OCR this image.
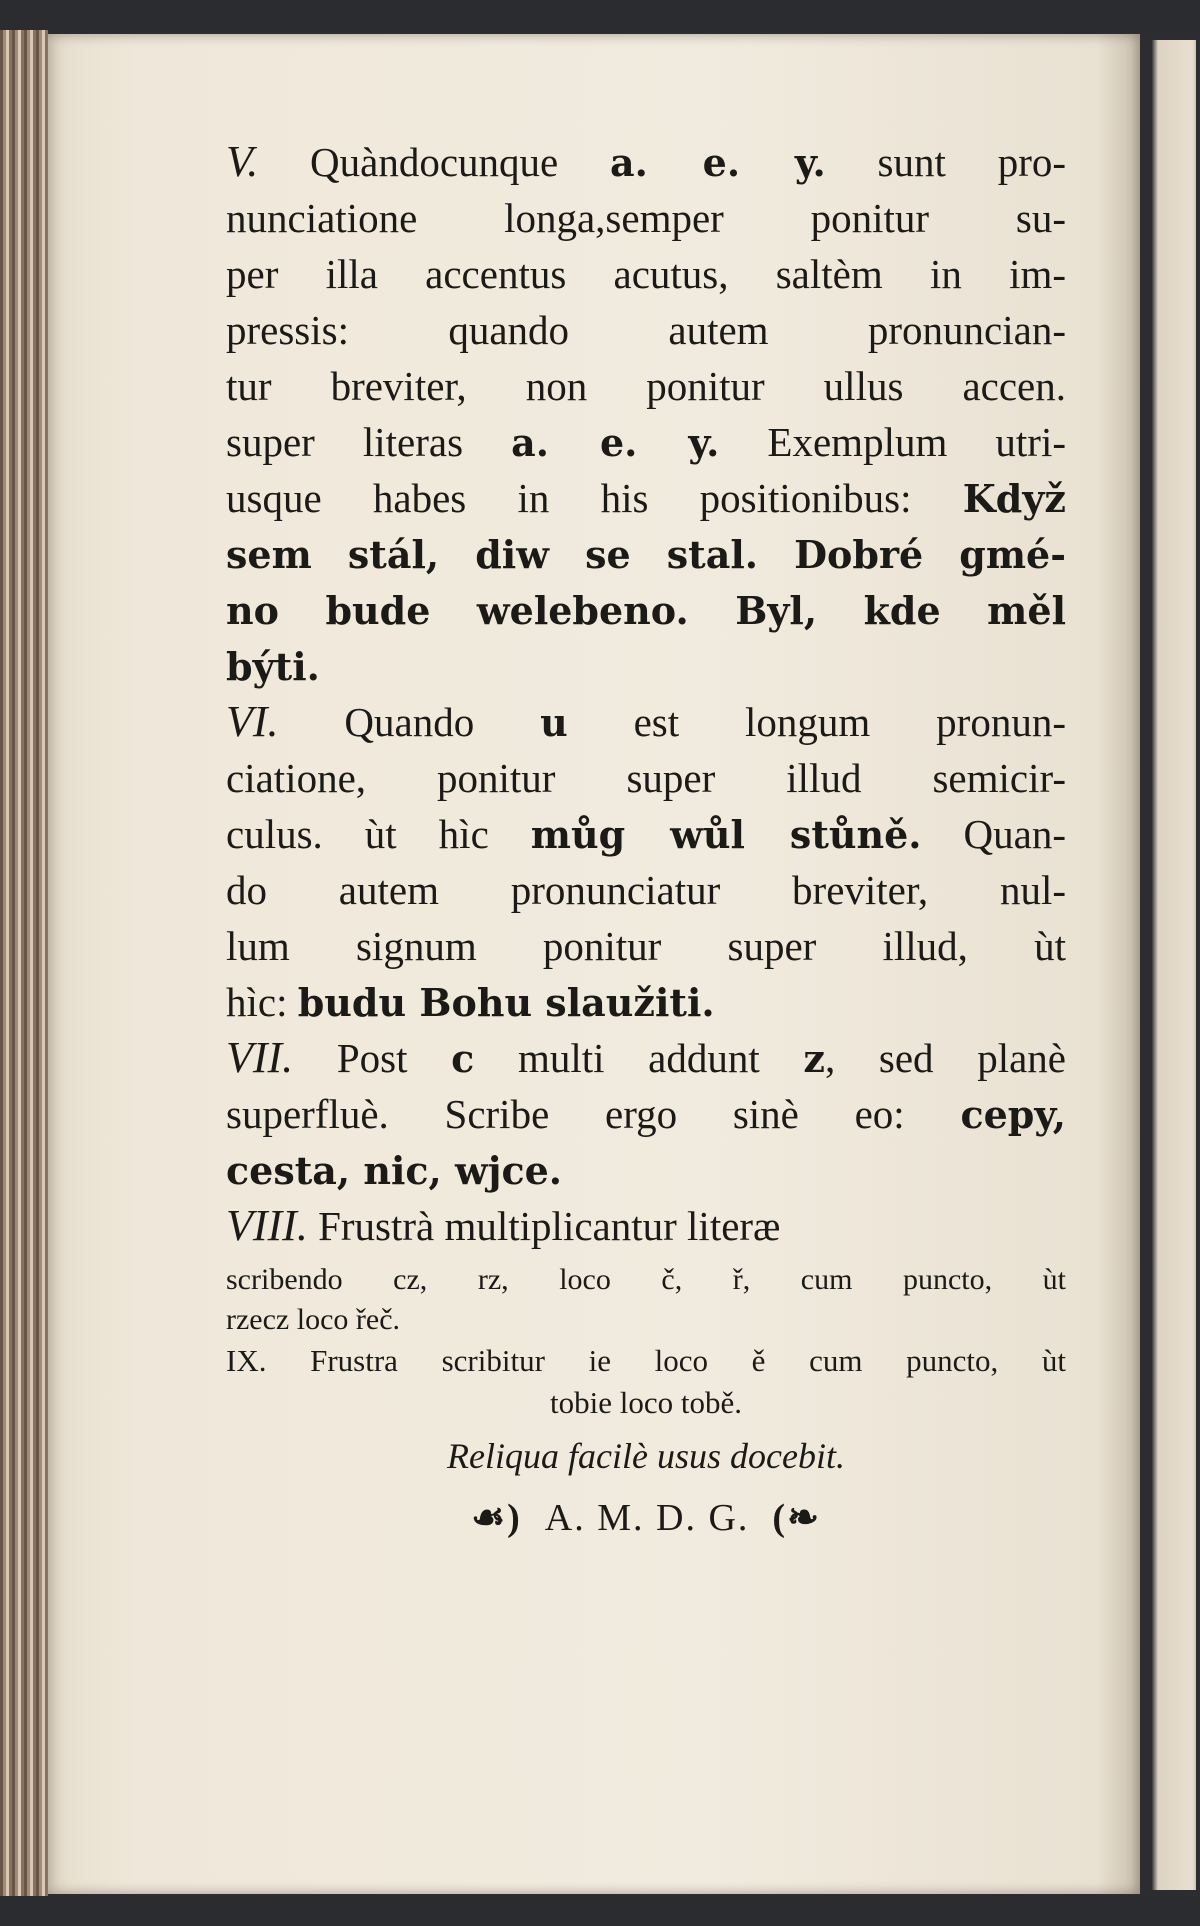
V. Quàndocunque a. e. y. sunt pro-
nunciatione longa,semper ponitur su-
per illa accentus acutus, saltèm in im-
pressis: quando autem pronuncian-
tur breviter, non ponitur ullus accen.
super literas a. e. y. Exemplum utri-
usque habes in his positionibus: Když
sem stál, diw se stal. Dobré gmé-
no bude welebeno. Byl, kde měl
býti.
VI. Quando u est longum pronun-
ciatione, ponitur super illud semicir-
culus. ùt hìc můg wůl stůně. Quan-
do autem pronunciatur breviter, nul-
lum signum ponitur super illud, ùt
hìc: budu Bohu slaužiti.
VII. Post c multi addunt z, sed planè
superfluè. Scribe ergo sinè eo: cepy,
cesta, nic, wjce.
VIII. Frustrà multiplicantur literæ
scribendo cz, rz, loco č, ř, cum puncto, ùt
rzecz loco řeč.
IX. Frustra scribitur ie loco ě cum puncto, ùt
tobie loco tobě.
Reliqua facilè usus docebit.
☙) A. M. D. G. (❧
